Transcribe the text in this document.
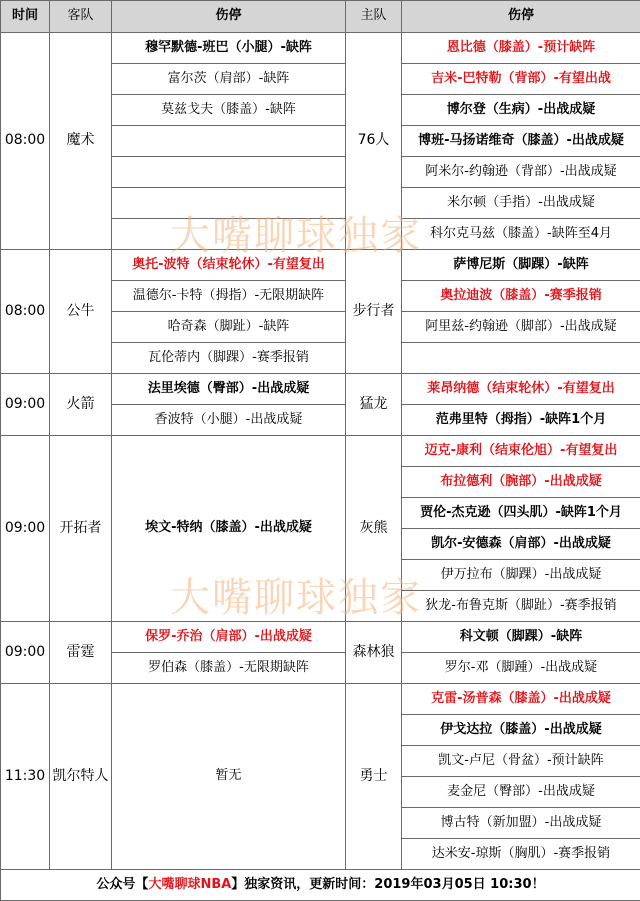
时间	客队	伤停	主队	伤停
08:00	魔术	穆罕默德-班巴（小腿）-缺阵	76人	恩比德（膝盖）-预计缺阵
		富尔茨（肩部）-缺阵		吉米-巴特勒（背部）-有望出战
		莫兹戈夫（膝盖）-缺阵		博尔登（生病）-出战成疑
				博班-马扬诺维奇（膝盖）-出战成疑
				阿米尔-约翰逊（背部）-出战成疑
				米尔顿（手指）-出战成疑
				科尔克马兹（膝盖）-缺阵至4月
08:00	公牛	奥托-波特（结束轮休）-有望复出	步行者	萨博尼斯（脚踝）-缺阵
		温德尔-卡特（拇指）-无限期缺阵		奥拉迪波（膝盖）-赛季报销
		哈奇森（脚趾）-缺阵		阿里兹-约翰逊（脚部）-出战成疑
		瓦伦蒂内（脚踝）-赛季报销		
09:00	火箭	法里埃德（臀部）-出战成疑	猛龙	莱昂纳德（结束轮休）-有望复出
		香波特（小腿）-出战成疑		范弗里特（拇指）-缺阵1个月
09:00	开拓者	埃文-特纳（膝盖）-出战成疑	灰熊	迈克-康利（结束伦旭）-有望复出
				布拉德利（腕部）-出战成疑
				贾伦-杰克逊（四头肌）-缺阵1个月
				凯尔-安德森（肩部）-出战成疑
				伊万拉布（脚踝）-出战成疑
				狄龙-布鲁克斯（脚趾）-赛季报销
09:00	雷霆	保罗-乔治（肩部）-出战成疑	森林狼	科文顿（脚踝）-缺阵
		罗伯森（膝盖）-无限期缺阵		罗尔-邓（脚踵）-出战成疑
11:30	凯尔特人	暂无	勇士	克雷-汤普森（膝盖）-出战成疑
				伊戈达拉（膝盖）-出战成疑
				凯文-卢尼（骨盆）-预计缺阵
				麦金尼（臀部）-出战成疑
				博古特（新加盟）-出战成疑
				达米安-琼斯（胸肌）-赛季报销
公众号【大嘴聊球NBA】独家资讯，更新时间：2019年03月05日 10:30！				
大嘴聊球独家
大嘴聊球独家
